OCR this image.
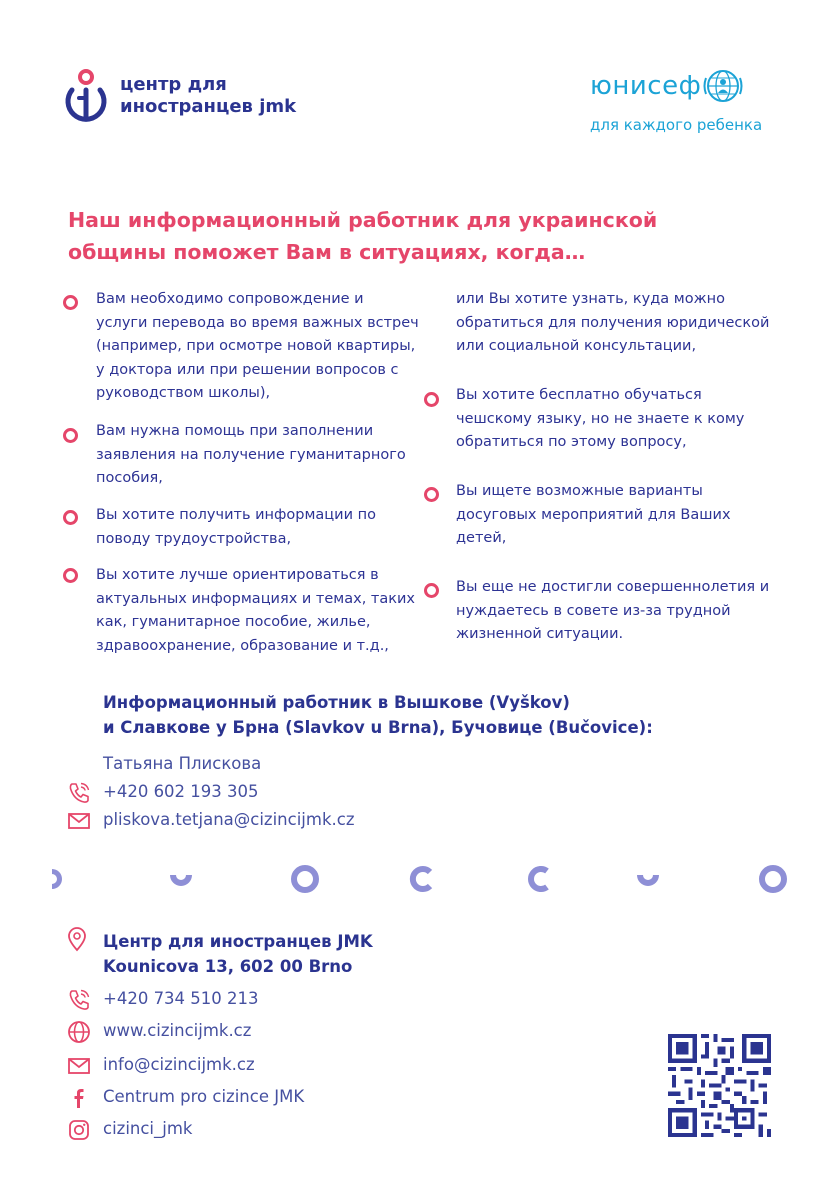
центр для
иностранцев jmk
юнисеф
для каждого ребенка
Наш информационный работник для украинской
общины поможет Вам в ситуациях, когда…
Вам необходимо сопровождение и
услуги перевода во время важных встреч
(например, при осмотре новой квартиры,
у доктора или при решении вопросов с
руководством школы),
Вам нужна помощь при заполнении
заявления на получение гуманитарного
пособия,
Вы хотите получить информации по
поводу трудоустройства,
Вы хотите лучше ориентироваться в
актуальных информациях и темах, таких
как, гуманитарное пособие, жилье,
здравоохранение, образование и т.д.,
или Вы хотите узнать, куда можно
обратиться для получения юридической
или социальной консультации,
Вы хотите бесплатно обучаться
чешскому языку, но не знаете к кому
обратиться по этому вопросу,
Вы ищете возможные варианты
досуговых мероприятий для Ваших
детей,
Вы еще не достигли совершеннолетия и
нуждаетесь в совете из-за трудной
жизненной ситуации.
Информационный работник в Вышкове (Vyškov)
и Славкове у Брна (Slavkov u Brna), Бучовице (Bučovice):
Татьяна Плискова
+420 602 193 305
pliskova.tetjana@cizincijmk.cz
Центр для иностранцев JMK
Kounicova 13, 602 00 Brno
+420 734 510 213
www.cizincijmk.cz
info@cizincijmk.cz
Centrum pro cizince JMK
cizinci_jmk
